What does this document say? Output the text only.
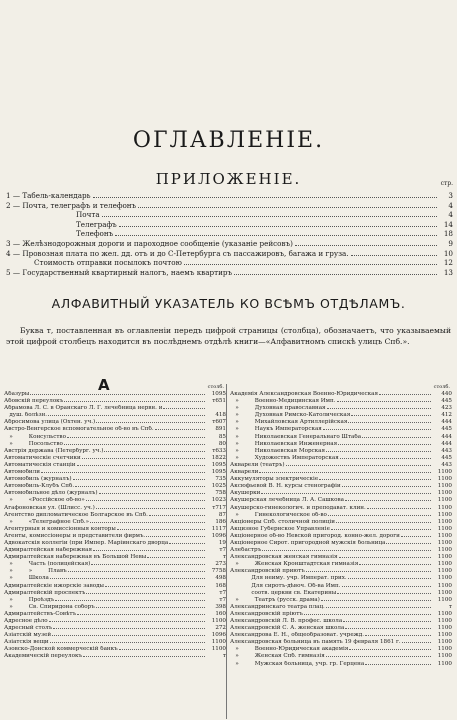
ОГЛАВЛЕНІЕ.
ПРИЛОЖЕНІЕ.	стр.
1 — Табель-календарь	3
2 — Почта, телеграфъ и телефонъ	4
Почта	4
Телеграфъ	14
Телефонъ	18
3 — Желѣзнодорожныя дороги и пароходное сообщеніе (указаніе рейсовъ)	9
4 — Провозная плата по жел. дд. отъ и до С-Петербурга съ пассажировъ, багажа и груза.	10
Стоимость отправки посылокъ почтою	12
5 — Государственный квартирный налогъ, наемъ квартиръ	13
АЛФАВИТНЫЙ УКАЗАТЕЛЬ КО ВСѢМЪ ОТДѢЛАМЪ.
Буква т, поставленная въ оглавленіи передъ цифрой страницы (столбца), обозначаетъ, что указываемый этой цифрой столбецъ находится въ послѣднемъ отдѣлѣ книги—«Алфавитномъ спискѣ улицъ Спб.».
А	столб.
Абазуры	1095
Абовскій переулокъ	т651
Абрамова Л. С. в Оранскаго Л. Г. лечебница нервн. и
душ. болѣзн.	418
Абросимова улица (Охтен. уч.)	т607
Австро-Венгерское вспомогательное об-во въ Спб.	891
»         Консульство	85
»         Посольство	80
Австрія держава (Петербург. уч.)	т633
Автоматическіе счетчики	1822
Автоматическія станціи	1095
Автомобили	1095
Автомобиль (журналъ)	735
Автомобиль-Клубъ Спб.	1025
Автомобильное дѣло (журналъ)	758
»         «Россійское об-во»	1023
Агафоновская ул. (Шлисс. уч.)	т717
Агентство дипломатическое Болгарское въ Спб.	87
»         «Телеграфное Спб.»	186
Агентурныя и комиссіонныя конторы	1117
Агенты, комиссіонеры и представители фирмъ.	1096
Адвокатскія коллегіи (при Импер. Маріинскаго дворца	19
Адмиралтейская набережная	т7
Адмиралтейская набережная въ Большой Невы	т
»         Часть (полицейская)	273
»         »         Плавъ	7758
»         Школа	498
Адмиралтейскіе ижорскіе заводы	168
Адмиралтейскій проспектъ	т7
»         Проѣздъ	т7
»         Св. Спиридона соборъ	398
Адмиралтействъ-Совѣтъ	160
Адресное дѣло	1100
Адресный столъ	272
Азіатскій музей	1096
Азіатскія вещи	1100
Азовско-Донской коммерческій банкъ	1100
Академическій переулокъ	т
столб.
Академія Александровская Военно-Юридическая	440
»         Военно-Медицинская Имп.	445
»         Духовная православная	423
»         Духовная Римско-Католическая	412
»         Михайловская Артиллерійская	444
»         Наукъ Императорская	445
»         Николаевская Генеральнаго Штаба	444
»         Николаевская Инженерная	444
»         Николаевская Морская	443
»         Художествъ Императорская	445
Акварели (театръ)	443
Акварели	1100
Аккумуляторы электрическіе	1100
Аксюфьевой В. Н. курсы стенографіи	1100
Акушерки	1100
Акушерская лечебница Л. А. Сашкова	1100
Акушерско-гинекологич. и преподават. клин.	1100
»         Гинекологическое об-во	1100
Акціонеры Спб. столичной полиціи	1100
Акцизное Губернское Управленіе	1100
Акціонерное об-во Невской пригород. конно-жел. дороги	1100
Акціонерное Сирот. пригородной мужскія больница	1100
Алебастръ	1100
Александровская женская гимназія	1100
»         Женская Кронштадтская гимназія	1100
Александровскій приютъ	1100
Для неиму. учр. Императ. прих.	1100
Для сиротъ-дѣвоч. Об-ва Имп.	1100
соотв. церкви св. Екатерины	1100
»         Театръ (русск. драма)	1100
Александринскаго театра плац.	т
Александровскій пріютъ	1100
Александровскій Л. В. профес. школа	1100
Александровскій С. А. женская школа	1100
Александрова Е. Н., общеобразоват. учрежд.	1100
Александровская больница въ память 19 февраля 1861 г.	1100
»         Военно-Юридическая академія	1100
»         Женская Спб. гимназія	1100
»         Мужская больница, учр. гр. Герцена	1100
